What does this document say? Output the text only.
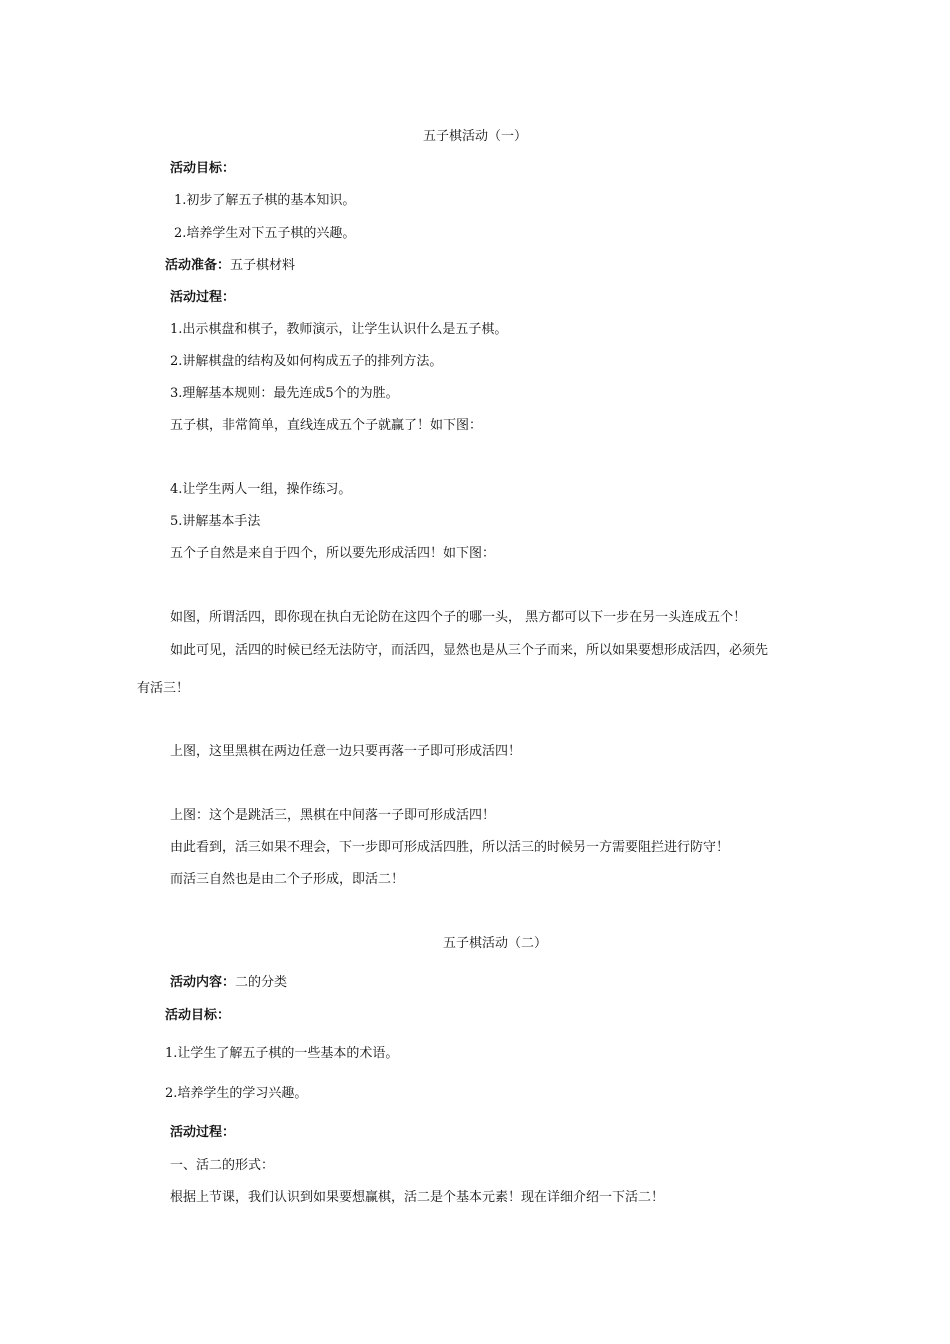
五子棋活动（一）
活动目标：
1.初步了解五子棋的基本知识。
2.培养学生对下五子棋的兴趣。
活动准备：五子棋材料
活动过程：
1.出示棋盘和棋子，教师演示，让学生认识什么是五子棋。
2.讲解棋盘的结构及如何构成五子的排列方法。
3.理解基本规则：最先连成5个的为胜。
五子棋，非常简单，直线连成五个子就赢了！如下图：
4.让学生两人一组，操作练习。
5.讲解基本手法
五个子自然是来自于四个，所以要先形成活四！如下图：
如图，所谓活四，即你现在执白无论防在这四个子的哪一头， 黑方都可以下一步在另一头连成五个！
如此可见，活四的时候已经无法防守，而活四，显然也是从三个子而来，所以如果要想形成活四，必须先
有活三！
上图，这里黑棋在两边任意一边只要再落一子即可形成活四！
上图：这个是跳活三，黑棋在中间落一子即可形成活四！
由此看到，活三如果不理会，下一步即可形成活四胜，所以活三的时候另一方需要阻拦进行防守！
而活三自然也是由二个子形成，即活二！
五子棋活动（二）
活动内容：二的分类
活动目标：
1.让学生了解五子棋的一些基本的术语。
2.培养学生的学习兴趣。
活动过程：
一、活二的形式：
根据上节课，我们认识到如果要想赢棋，活二是个基本元素！现在详细介绍一下活二！
